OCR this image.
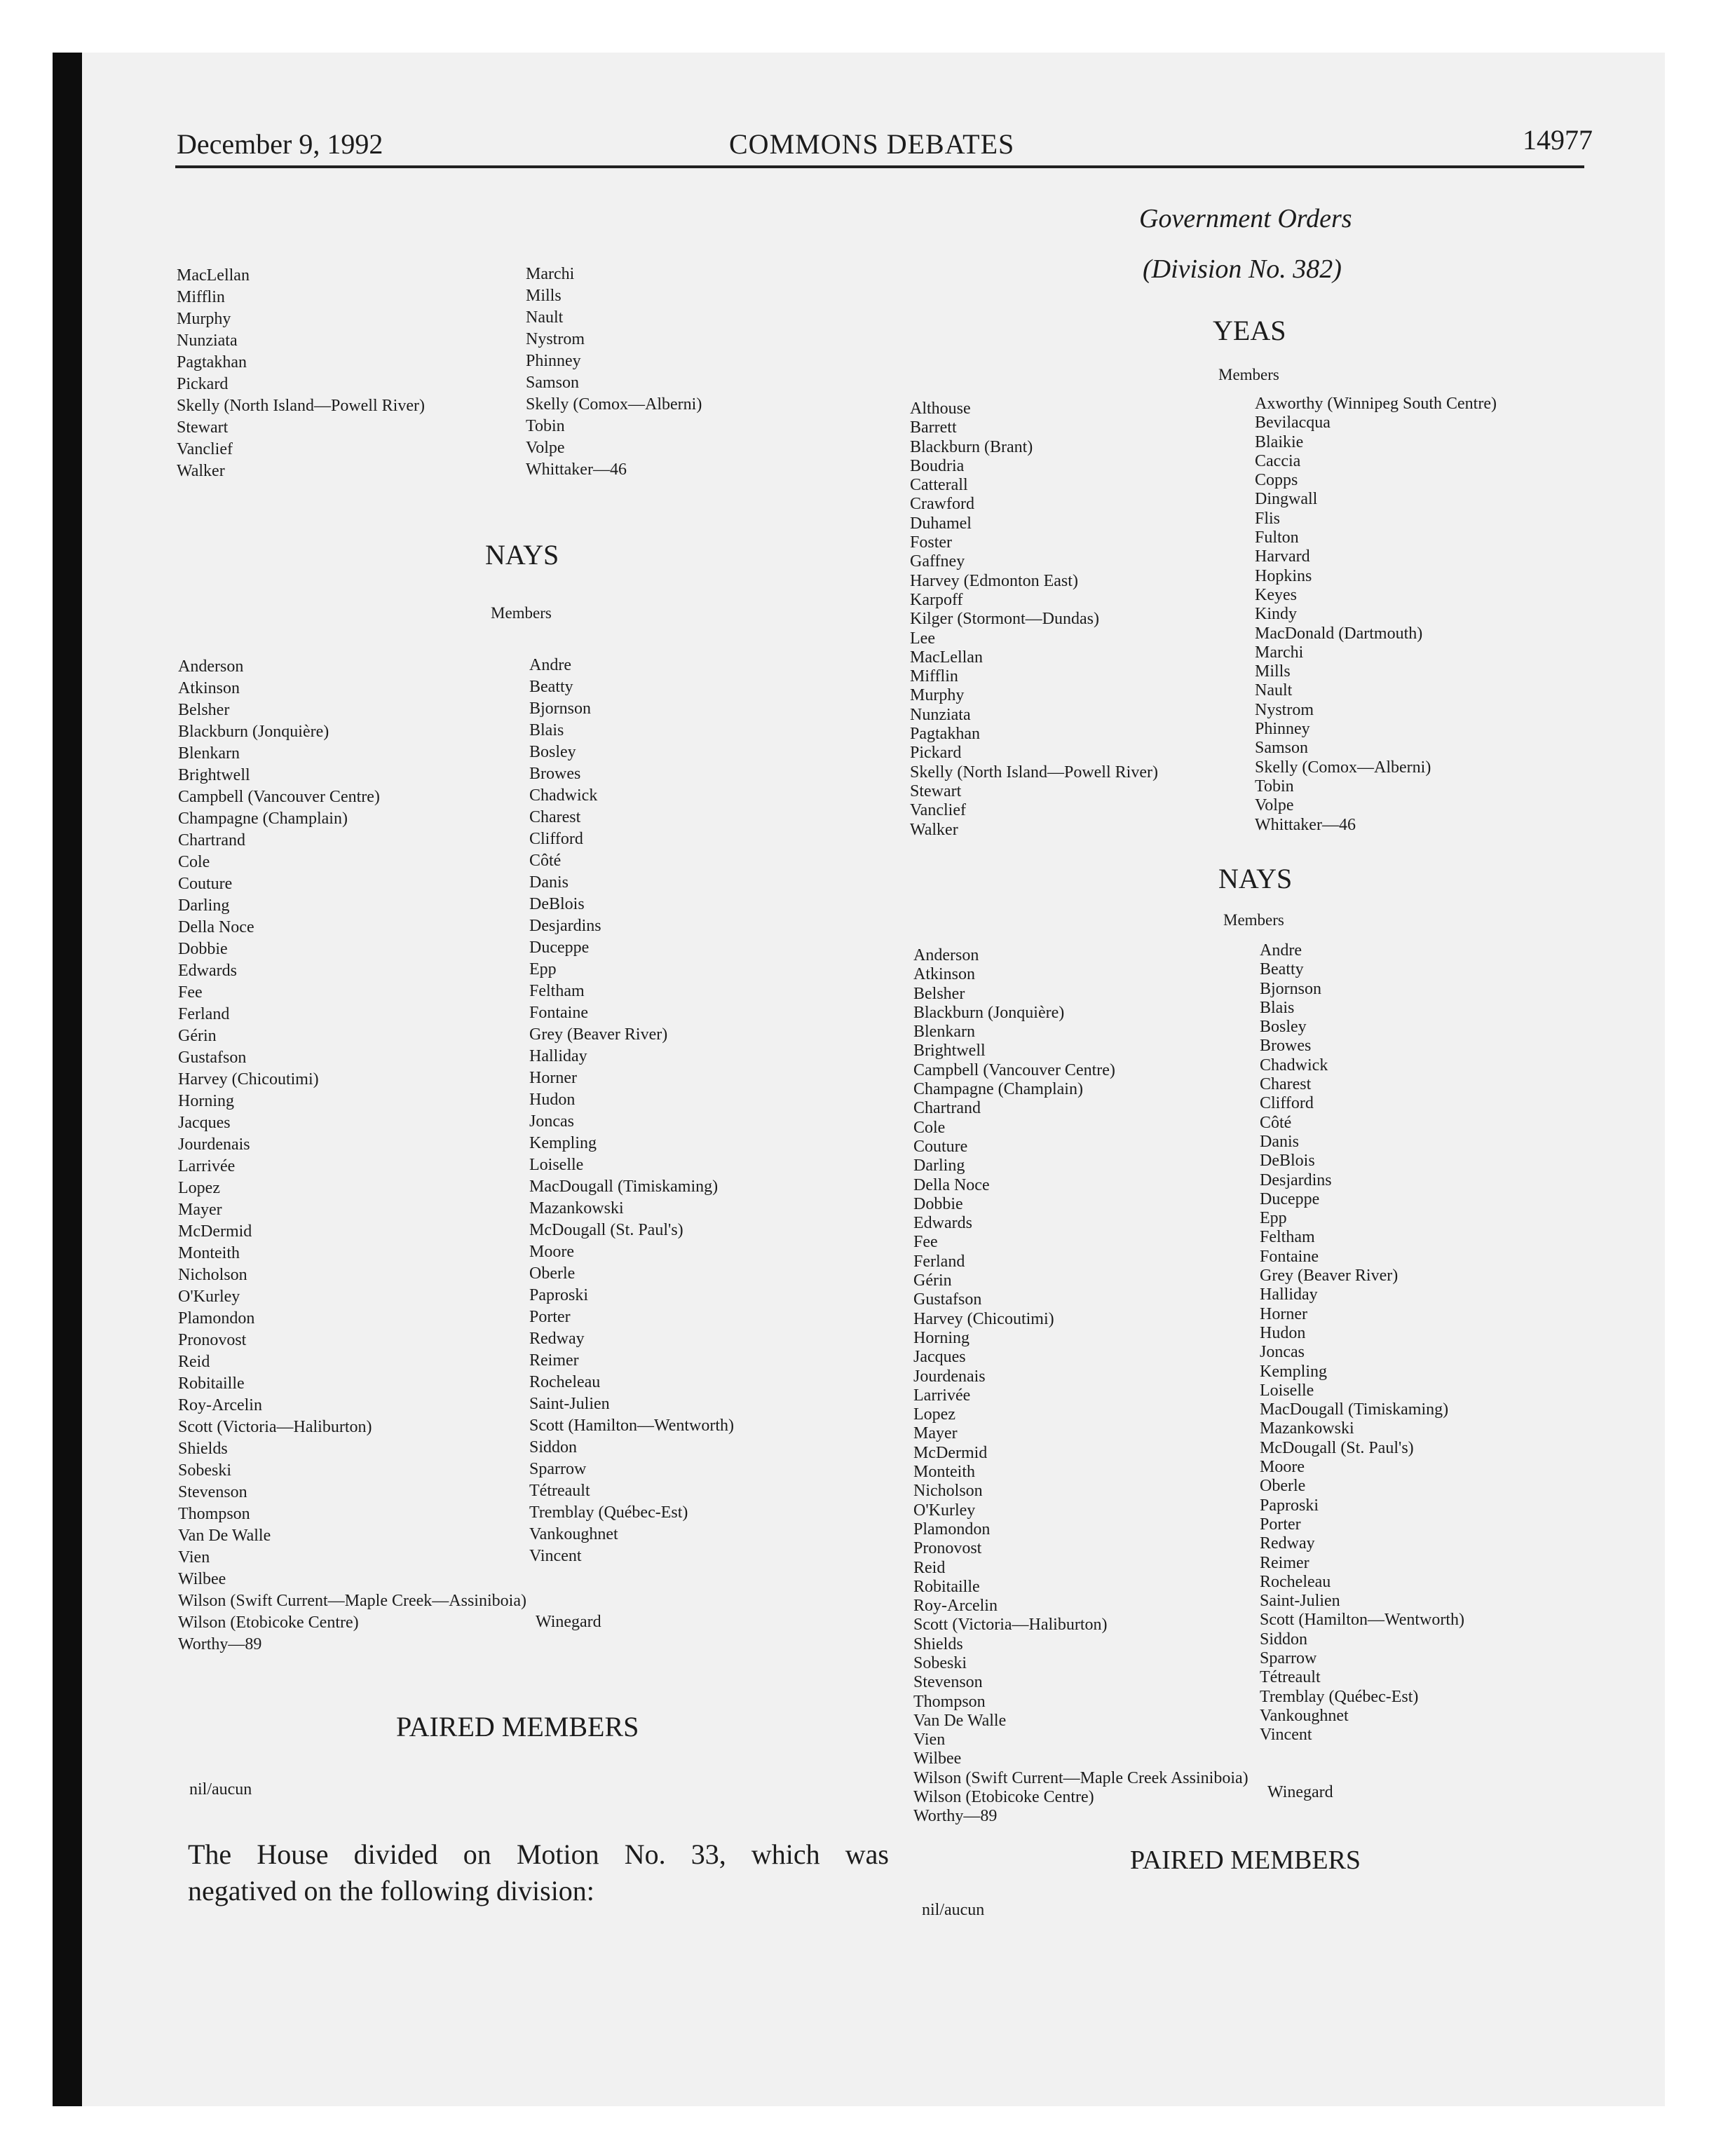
December 9, 1992	COMMONS DEBATES	14977
MacLellan
Mifflin
Murphy
Nunziata
Pagtakhan
Pickard
Skelly (North Island—Powell River)
Stewart
Vanclief
Walker
Marchi
Mills
Nault
Nystrom
Phinney
Samson
Skelly (Comox—Alberni)
Tobin
Volpe
Whittaker—46
NAYS
Members
Anderson
Atkinson
Belsher
Blackburn (Jonquière)
Blenkarn
Brightwell
Campbell (Vancouver Centre)
Champagne (Champlain)
Chartrand
Cole
Couture
Darling
Della Noce
Dobbie
Edwards
Fee
Ferland
Gérin
Gustafson
Harvey (Chicoutimi)
Horning
Jacques
Jourdenais
Larrivée
Lopez
Mayer
McDermid
Monteith
Nicholson
O'Kurley
Plamondon
Pronovost
Reid
Robitaille
Roy-Arcelin
Scott (Victoria—Haliburton)
Shields
Sobeski
Stevenson
Thompson
Van De Walle
Vien
Wilbee
Wilson (Swift Current—Maple Creek—Assiniboia)
Wilson (Etobicoke Centre)
Worthy—89
Andre
Beatty
Bjornson
Blais
Bosley
Browes
Chadwick
Charest
Clifford
Côté
Danis
DeBlois
Desjardins
Duceppe
Epp
Feltham
Fontaine
Grey (Beaver River)
Halliday
Horner
Hudon
Joncas
Kempling
Loiselle
MacDougall (Timiskaming)
Mazankowski
McDougall (St. Paul's)
Moore
Oberle
Paproski
Porter
Redway
Reimer
Rocheleau
Saint-Julien
Scott (Hamilton—Wentworth)
Siddon
Sparrow
Tétreault
Tremblay (Québec-Est)
Vankoughnet
Vincent
Winegard
PAIRED MEMBERS
nil/aucun
The House divided on Motion No. 33, which was
negatived on the following division:
Government Orders
(Division No. 382)
YEAS
Members
Althouse
Barrett
Blackburn (Brant)
Boudria
Catterall
Crawford
Duhamel
Foster
Gaffney
Harvey (Edmonton East)
Karpoff
Kilger (Stormont—Dundas)
Lee
MacLellan
Mifflin
Murphy
Nunziata
Pagtakhan
Pickard
Skelly (North Island—Powell River)
Stewart
Vanclief
Walker
Axworthy (Winnipeg South Centre)
Bevilacqua
Blaikie
Caccia
Copps
Dingwall
Flis
Fulton
Harvard
Hopkins
Keyes
Kindy
MacDonald (Dartmouth)
Marchi
Mills
Nault
Nystrom
Phinney
Samson
Skelly (Comox—Alberni)
Tobin
Volpe
Whittaker—46
NAYS
Members
Anderson
Atkinson
Belsher
Blackburn (Jonquière)
Blenkarn
Brightwell
Campbell (Vancouver Centre)
Champagne (Champlain)
Chartrand
Cole
Couture
Darling
Della Noce
Dobbie
Edwards
Fee
Ferland
Gérin
Gustafson
Harvey (Chicoutimi)
Horning
Jacques
Jourdenais
Larrivée
Lopez
Mayer
McDermid
Monteith
Nicholson
O'Kurley
Plamondon
Pronovost
Reid
Robitaille
Roy-Arcelin
Scott (Victoria—Haliburton)
Shields
Sobeski
Stevenson
Thompson
Van De Walle
Vien
Wilbee
Wilson (Swift Current—Maple Creek Assiniboia)
Wilson (Etobicoke Centre)
Worthy—89
Andre
Beatty
Bjornson
Blais
Bosley
Browes
Chadwick
Charest
Clifford
Côté
Danis
DeBlois
Desjardins
Duceppe
Epp
Feltham
Fontaine
Grey (Beaver River)
Halliday
Horner
Hudon
Joncas
Kempling
Loiselle
MacDougall (Timiskaming)
Mazankowski
McDougall (St. Paul's)
Moore
Oberle
Paproski
Porter
Redway
Reimer
Rocheleau
Saint-Julien
Scott (Hamilton—Wentworth)
Siddon
Sparrow
Tétreault
Tremblay (Québec-Est)
Vankoughnet
Vincent
Winegard
PAIRED MEMBERS
nil/aucun
